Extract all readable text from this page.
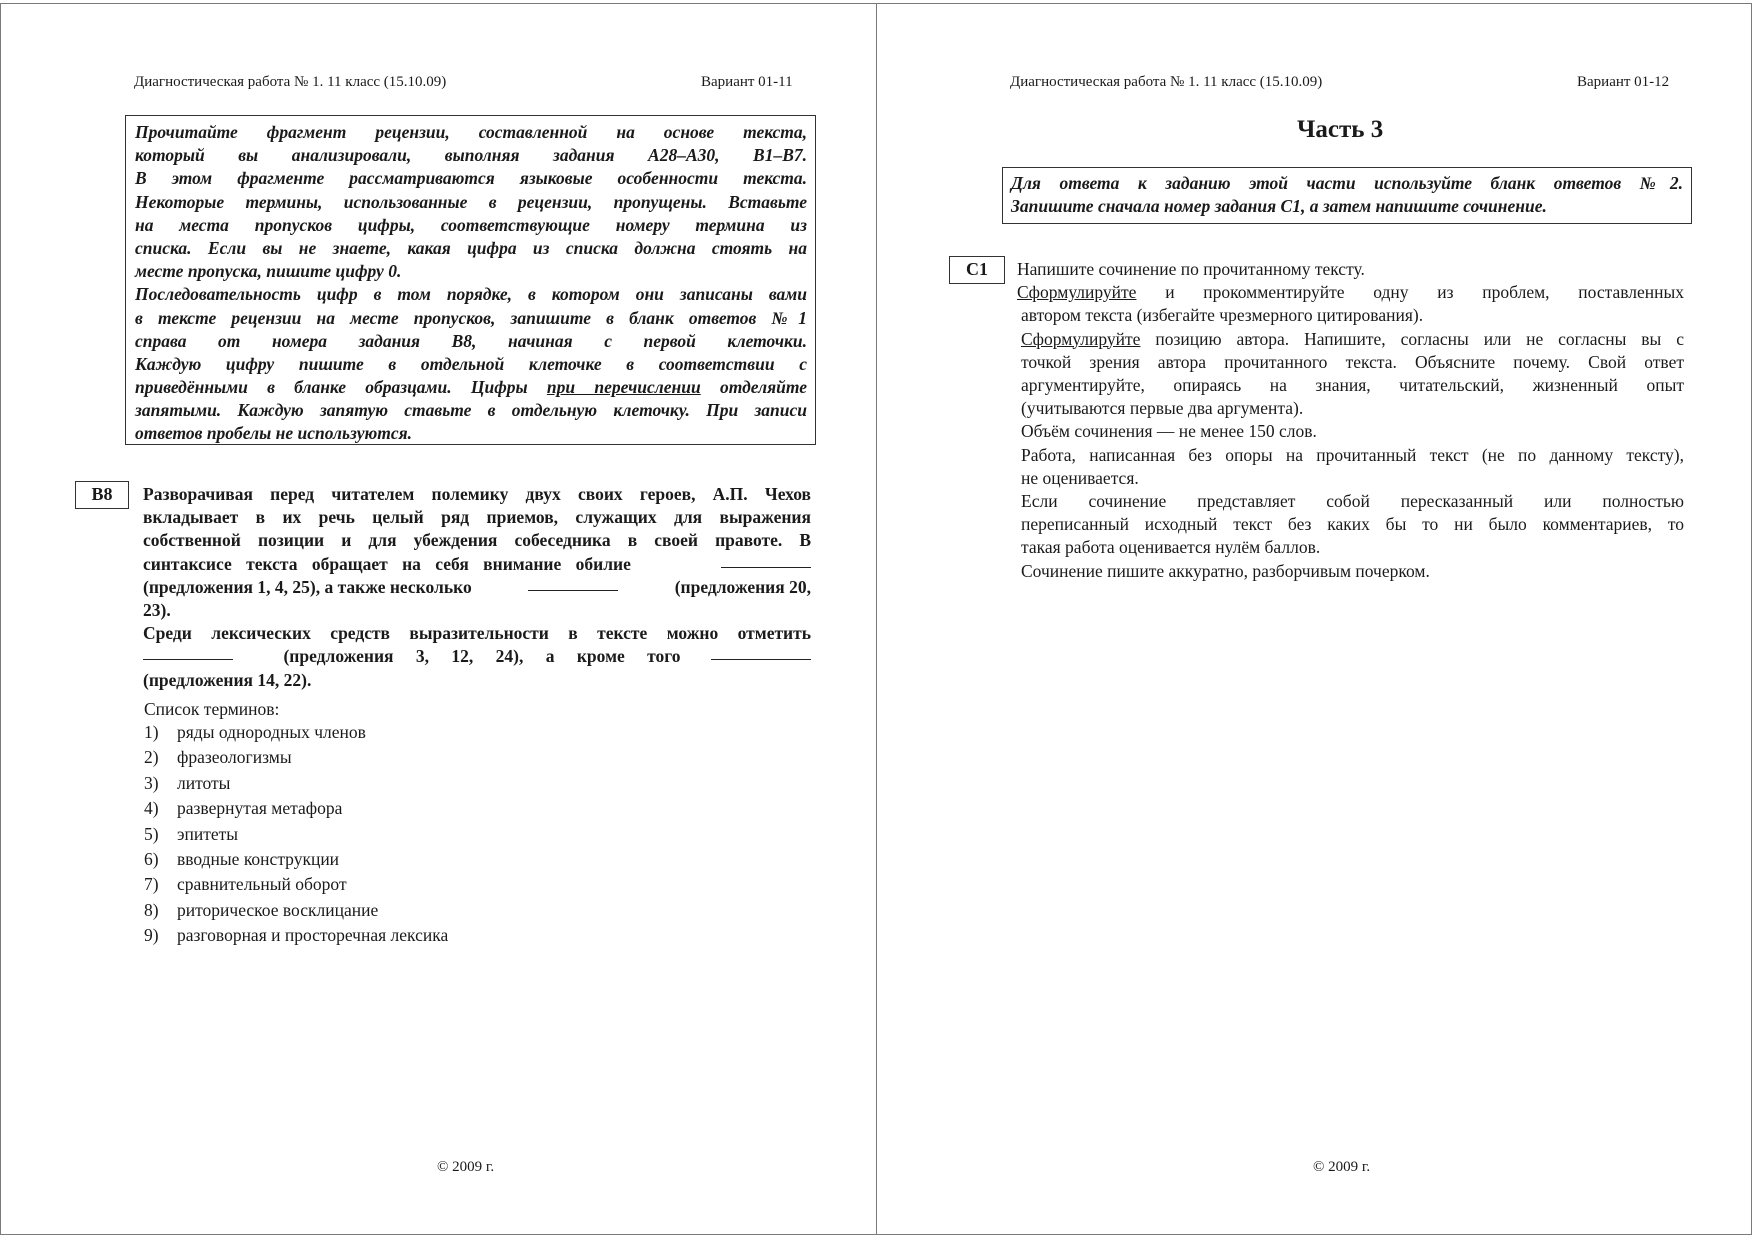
Диагностическая работа № 1. 11 класс (15.10.09)	Вариант 01-11
Прочитайте фрагмент рецензии, составленной на основе текста,
который вы анализировали, выполняя задания А28–А30, В1–В7.
В этом фрагменте рассматриваются языковые особенности текста.
Некоторые термины, использованные в рецензии, пропущены. Вставьте
на места пропусков цифры, соответствующие номеру термина из
списка. Если вы не знаете, какая цифра из списка должна стоять на
месте пропуска, пишите цифру 0.
Последовательность цифр в том порядке, в котором они записаны вами
в тексте рецензии на месте пропусков, запишите в бланк ответов №1
справа от номера задания В8, начиная с первой клеточки.
Каждую цифру пишите в отдельной клеточке в соответствии с
приведёнными в бланке образцами. Цифры при перечислении отделяйте
запятыми. Каждую запятую ставьте в отдельную клеточку. При записи
ответов пробелы не используются.
В8	Разворачивая перед читателем полемику двух своих героев, А.П. Чехов
вкладывает в их речь целый ряд приемов, служащих для выражения
собственной позиции и для убеждения собеседника в своей правоте. В
синтаксисе текста обращает на себя внимание обилие
(предложения 1, 4, 25), а также несколько	(предложения 20,
23).
Среди лексических средств выразительности в тексте можно отметить
(предложения 3, 12, 24), а кроме того
(предложения 14, 22).
Список терминов:
1) ряды однородных членов
2) фразеологизмы
3) литоты
4) развернутая метафора
5) эпитеты
6) вводные конструкции
7) сравнительный оборот
8) риторическое восклицание
9) разговорная и просторечная лексика
© 2009 г.
Диагностическая работа № 1. 11 класс (15.10.09)	Вариант 01-12
Часть 3
Для ответа к заданию этой части используйте бланк ответов №2.
Запишите сначала номер задания С1, а затем напишите сочинение.
С1	Напишите сочинение по прочитанному тексту.
Сформулируйте и прокомментируйте одну из проблем, поставленных
автором текста (избегайте чрезмерного цитирования).
Сформулируйте позицию автора. Напишите, согласны или не согласны вы с
точкой зрения автора прочитанного текста. Объясните почему. Свой ответ
аргументируйте, опираясь на знания, читательский, жизненный опыт
(учитываются первые два аргумента).
Объём сочинения — не менее 150 слов.
Работа, написанная без опоры на прочитанный текст (не по данному тексту),
не оценивается.
Если сочинение представляет собой пересказанный или полностью
переписанный исходный текст без каких бы то ни было комментариев, то
такая работа оценивается нулём баллов.
Сочинение пишите аккуратно, разборчивым почерком.
© 2009 г.
